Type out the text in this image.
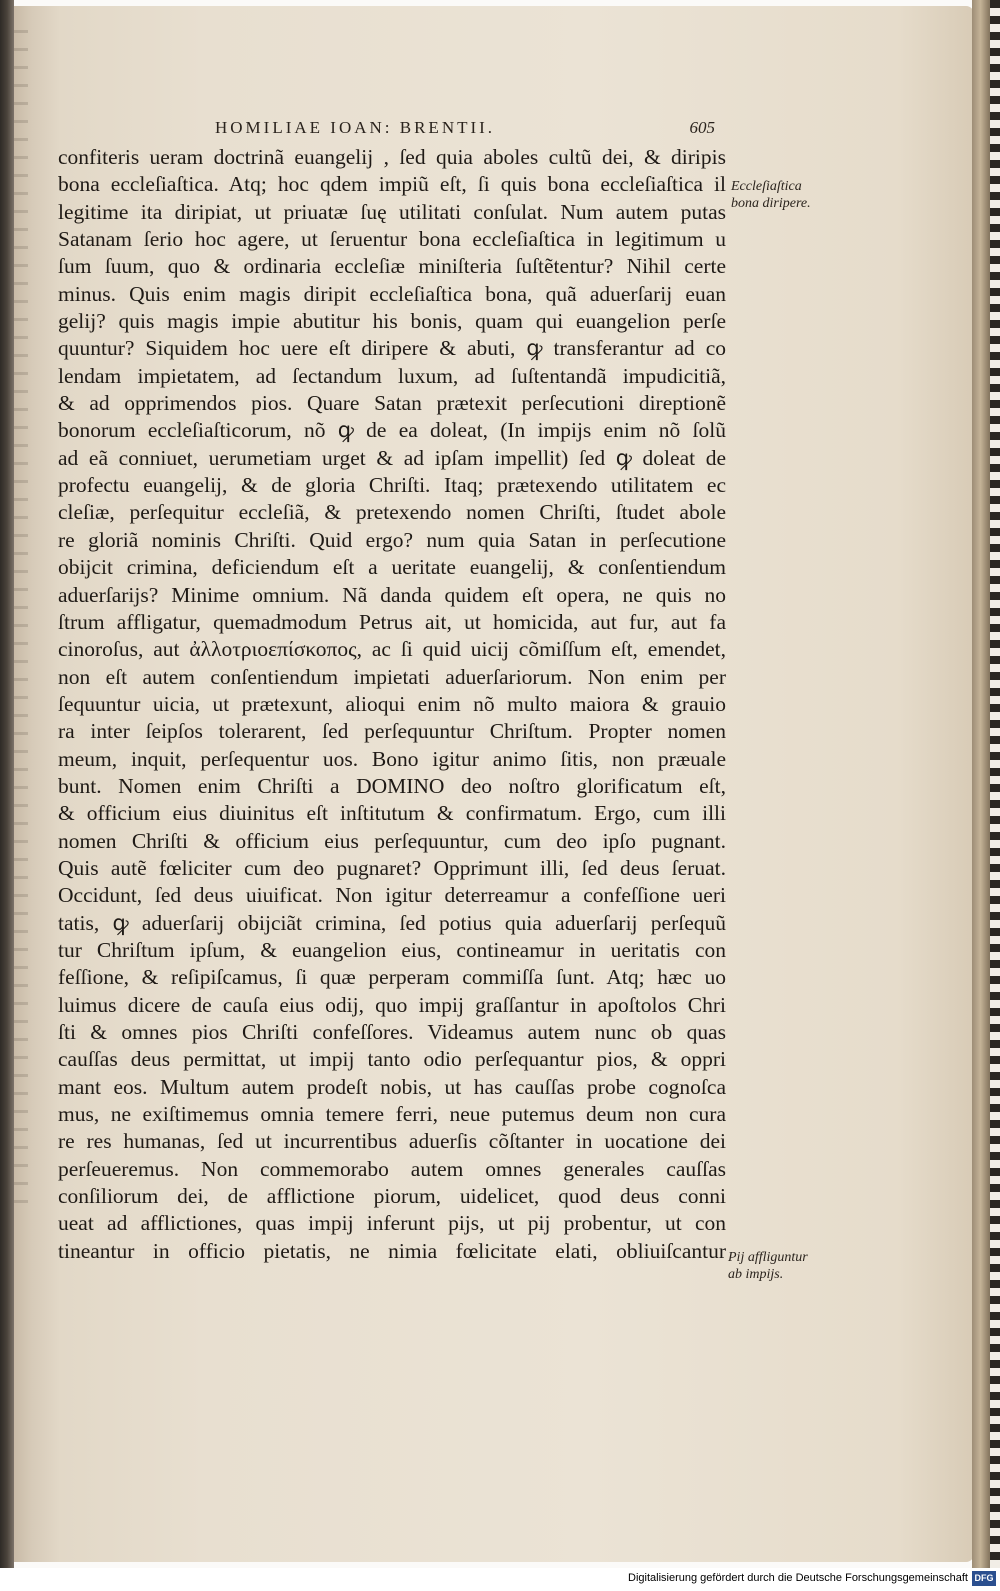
HOMILIAE IOAN: BRENTII.	605
confiteris ueram doctrinã euangelij , ſed quia aboles cultũ dei, & diripis
bona eccleſiaſtica. Atq; hoc qdem impiũ eſt, ſi quis bona eccleſiaſtica il
legitime ita diripiat, ut priuatæ ſuę utilitati conſulat. Num autem putas
Satanam ſerio hoc agere, ut ſeruentur bona eccleſiaſtica in legitimum u
ſum ſuum, quo & ordinaria eccleſiæ miniſteria ſuſtẽtentur? Nihil certe
minus. Quis enim magis diripit eccleſiaſtica bona, quã aduerſarij euan
gelij? quis magis impie abutitur his bonis, quam qui euangelion perſe
quuntur? Siquidem hoc uere eſt diripere & abuti, ꝙ transferantur ad co
lendam impietatem, ad ſectandum luxum, ad ſuſtentandã impudicitiã,
& ad opprimendos pios. Quare Satan prætexit perſecutioni direptionẽ
bonorum eccleſiaſticorum, nõ ꝙ de ea doleat, (In impijs enim nõ ſolũ
ad eã conniuet, uerumetiam urget & ad ipſam impellit) ſed ꝙ doleat de
profectu euangelij, & de gloria Chriſti. Itaq; prætexendo utilitatem ec
cleſiæ, perſequitur eccleſiã, & pretexendo nomen Chriſti, ſtudet abole
re gloriã nominis Chriſti. Quid ergo? num quia Satan in perſecutione
obijcit crimina, deficiendum eſt a ueritate euangelij, & conſentiendum
aduerſarijs? Minime omnium. Nã danda quidem eſt opera, ne quis no
ſtrum affligatur, quemadmodum Petrus ait, ut homicida, aut fur, aut fa
cinoroſus, aut ἀλλοτριοεπίσκοπος, ac ſi quid uicij cõmiſſum eſt, emendet,
non eſt autem conſentiendum impietati aduerſariorum. Non enim per
ſequuntur uicia, ut prætexunt, alioqui enim nõ multo maiora & grauio
ra inter ſeipſos tolerarent, ſed perſequuntur Chriſtum. Propter nomen
meum, inquit, perſequentur uos. Bono igitur animo ſitis, non præuale
bunt. Nomen enim Chriſti a DOMINO deo noſtro glorificatum eſt,
& officium eius diuinitus eſt inſtitutum & confirmatum. Ergo, cum illi
nomen Chriſti & officium eius perſequuntur, cum deo ipſo pugnant.
Quis autẽ fœliciter cum deo pugnaret? Opprimunt illi, ſed deus ſeruat.
Occidunt, ſed deus uiuificat. Non igitur deterreamur a confeſſione ueri
tatis, ꝙ aduerſarij obijciãt crimina, ſed potius quia aduerſarij perſequũ
tur Chriſtum ipſum, & euangelion eius, contineamur in ueritatis con
feſſione, & reſipiſcamus, ſi quæ perperam commiſſa ſunt. Atq; hæc uo
luimus dicere de cauſa eius odij, quo impij graſſantur in apoſtolos Chri
ſti & omnes pios Chriſti confeſſores. Videamus autem nunc ob quas
cauſſas deus permittat, ut impij tanto odio perſequantur pios, & oppri
mant eos. Multum autem prodeſt nobis, ut has cauſſas probe cognoſca
mus, ne exiſtimemus omnia temere ferri, neue putemus deum non cura
re res humanas, ſed ut incurrentibus aduerſis cõſtanter in uocatione dei
perſeueremus. Non commemorabo autem omnes generales cauſſas
conſiliorum dei, de afflictione piorum, uidelicet, quod deus conni
ueat ad afflictiones, quas impij inferunt pijs, ut pij probentur, ut con
tineantur in officio pietatis, ne nimia fœlicitate elati, obliuiſcantur
Eccleſiaſtica bona diripere.
Pij affliguntur ab impijs.
Digitalisierung gefördert durch die Deutsche Forschungsgemeinschaft DFG
